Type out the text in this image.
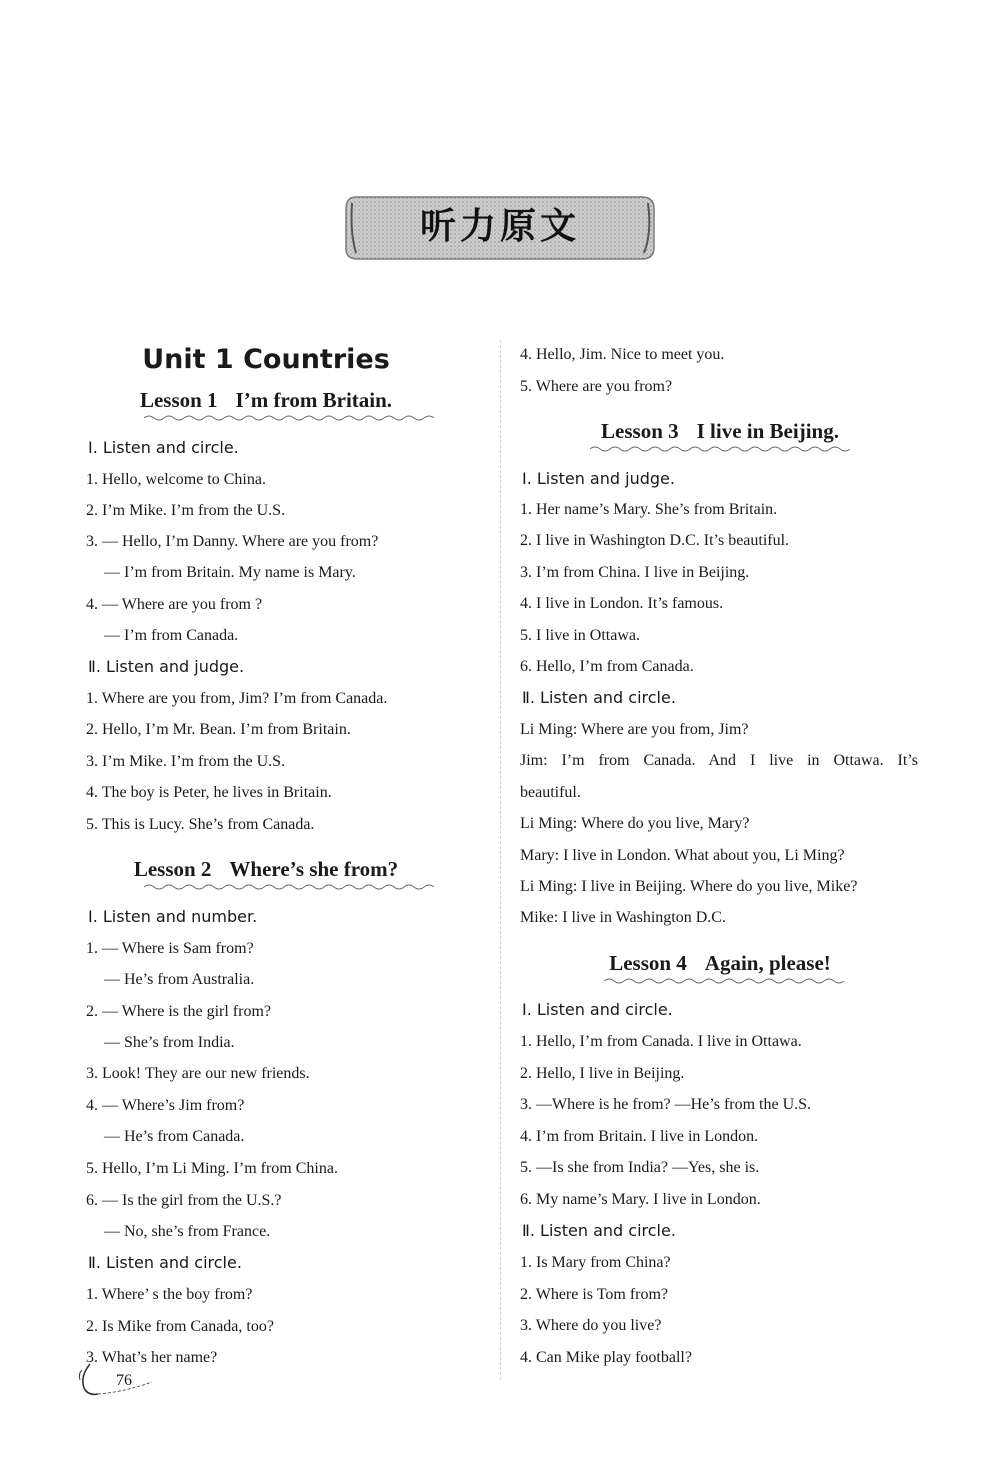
听力原文
Unit 1 Countries
Lesson 1 I’m from Britain.
Ⅰ. Listen and circle.
1. Hello, welcome to China.
2. I’m Mike. I’m from the U.S.
3. — Hello, I’m Danny. Where are you from?
— I’m from Britain. My name is Mary.
4. — Where are you from ?
— I’m from Canada.
Ⅱ. Listen and judge.
1. Where are you from, Jim? I’m from Canada.
2. Hello, I’m Mr. Bean. I’m from Britain.
3. I’m Mike. I’m from the U.S.
4. The boy is Peter, he lives in Britain.
5. This is Lucy. She’s from Canada.
Lesson 2 Where’s she from?
Ⅰ. Listen and number.
1. — Where is Sam from?
— He’s from Australia.
2. — Where is the girl from?
— She’s from India.
3. Look! They are our new friends.
4. — Where’s Jim from?
— He’s from Canada.
5. Hello, I’m Li Ming. I’m from China.
6. — Is the girl from the U.S.?
— No, she’s from France.
Ⅱ. Listen and circle.
1. Where’ s the boy from?
2. Is Mike from Canada, too?
3. What’s her name?
4. Hello, Jim. Nice to meet you.
5. Where are you from?
Lesson 3 I live in Beijing.
Ⅰ. Listen and judge.
1. Her name’s Mary. She’s from Britain.
2. I live in Washington D.C. It’s beautiful.
3. I’m from China. I live in Beijing.
4. I live in London. It’s famous.
5. I live in Ottawa.
6. Hello, I’m from Canada.
Ⅱ. Listen and circle.
Li Ming: Where are you from, Jim?
Jim: I’m from Canada. And I live in Ottawa. It’s
beautiful.
Li Ming: Where do you live, Mary?
Mary: I live in London. What about you, Li Ming?
Li Ming: I live in Beijing. Where do you live, Mike?
Mike: I live in Washington D.C.
Lesson 4 Again, please!
Ⅰ. Listen and circle.
1. Hello, I’m from Canada. I live in Ottawa.
2. Hello, I live in Beijing.
3. —Where is he from? —He’s from the U.S.
4. I’m from Britain. I live in London.
5. —Is she from India? —Yes, she is.
6. My name’s Mary. I live in London.
Ⅱ. Listen and circle.
1. Is Mary from China?
2. Where is Tom from?
3. Where do you live?
4. Can Mike play football?
76
